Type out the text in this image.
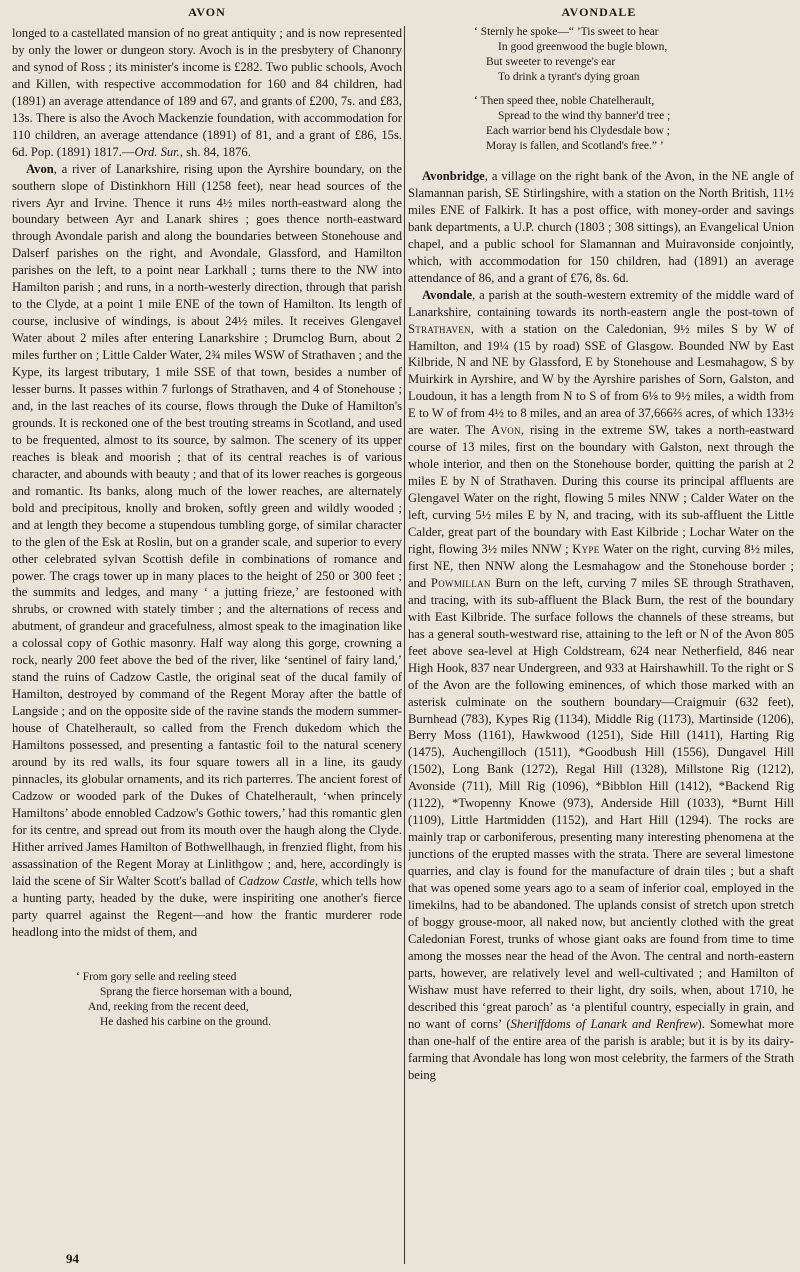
AVON	AVONDALE

longed to a castellated mansion of no great antiquity ; and is now represented by only the lower or dungeon story. Avoch is in the presbytery of Chanonry and synod of Ross ; its minister's income is £282. Two public schools, Avoch and Killen, with respective accommodation for 160 and 84 children, had (1891) an average attendance of 189 and 67, and grants of £200, 7s. and £83, 13s. There is also the Avoch Mackenzie foundation, with accommodation for 110 children, an average attendance (1891) of 81, and a grant of £86, 15s. 6d. Pop. (1891) 1817.—Ord. Sur., sh. 84, 1876.

Avon, a river of Lanarkshire, rising upon the Ayrshire boundary, on the southern slope of Distinkhorn Hill (1258 feet), near head sources of the rivers Ayr and Irvine. Thence it runs 4½ miles north-eastward along the boundary between Ayr and Lanark shires ; goes thence north-eastward through Avondale parish and along the boundaries between Stonehouse and Dalserf parishes on the right, and Avondale, Glassford, and Hamilton parishes on the left, to a point near Larkhall ; turns there to the NW into Hamilton parish ; and runs, in a north-westerly direction, through that parish to the Clyde, at a point 1 mile ENE of the town of Hamilton. Its length of course, inclusive of windings, is about 24½ miles. It receives Glengavel Water about 2 miles after entering Lanarkshire ; Drumclog Burn, about 2 miles further on ; Little Calder Water, 2¾ miles WSW of Strathaven ; and the Kype, its largest tributary, 1 mile SSE of that town, besides a number of lesser burns. It passes within 7 furlongs of Strathaven, and 4 of Stonehouse ; and, in the last reaches of its course, flows through the Duke of Hamilton's grounds. It is reckoned one of the best trouting streams in Scotland, and used to be frequented, almost to its source, by salmon. The scenery of its upper reaches is bleak and moorish ; that of its central reaches is of various character, and abounds with beauty ; and that of its lower reaches is gorgeous and romantic. Its banks, along much of the lower reaches, are alternately bold and precipitous, knolly and broken, softly green and wildly wooded ; and at length they become a stupendous tumbling gorge, of similar character to the glen of the Esk at Roslin, but on a grander scale, and superior to every other celebrated sylvan Scottish defile in combinations of romance and power. The crags tower up in many places to the height of 250 or 300 feet ; the summits and ledges, and many ‘ a jutting frieze,’ are festooned with shrubs, or crowned with stately timber ; and the alternations of recess and abutment, of grandeur and gracefulness, almost speak to the imagination like a colossal copy of Gothic masonry. Half way along this gorge, crowning a rock, nearly 200 feet above the bed of the river, like ‘sentinel of fairy land,’ stand the ruins of Cadzow Castle, the original seat of the ducal family of Hamilton, destroyed by command of the Regent Moray after the battle of Langside ; and on the opposite side of the ravine stands the modern summer-house of Chatelherault, so called from the French dukedom which the Hamiltons possessed, and presenting a fantastic foil to the natural scenery around by its red walls, its four square towers all in a line, its gaudy pinnacles, its globular ornaments, and its rich parterres. The ancient forest of Cadzow or wooded park of the Dukes of Chatelherault, ‘when princely Hamiltons’ abode ennobled Cadzow's Gothic towers,’ had this romantic glen for its centre, and spread out from its mouth over the haugh along the Clyde. Hither arrived James Hamilton of Bothwellhaugh, in frenzied flight, from his assassination of the Regent Moray at Linlithgow ; and, here, accordingly is laid the scene of Sir Walter Scott's ballad of Cadzow Castle, which tells how a hunting party, headed by the duke, were inspiriting one another's fierce party quarrel against the Regent—and how the frantic murderer rode headlong into the midst of them, and

‘ From gory selle and reeling steed
Sprang the fierce horseman with a bound,
And, reeking from the recent deed,
He dashed his carbine on the ground.
‘ Sternly he spoke—“ ’Tis sweet to hear
In good greenwood the bugle blown,
But sweeter to revenge's ear
To drink a tyrant's dying groan
‘ Then speed thee, noble Chatelherault,
Spread to the wind thy banner'd tree ;
Each warrior bend his Clydesdale bow ;
Moray is fallen, and Scotland's free.” ’

Avonbridge, a village on the right bank of the Avon, in the NE angle of Slamannan parish, SE Stirlingshire, with a station on the North British, 11½ miles ENE of Falkirk. It has a post office, with money-order and savings bank departments, a U.P. church (1803 ; 308 sittings), an Evangelical Union chapel, and a public school for Slamannan and Muiravonside conjointly, which, with accommodation for 150 children, had (1891) an average attendance of 86, and a grant of £76, 8s. 6d.

Avondale, a parish at the south-western extremity of the middle ward of Lanarkshire, containing towards its north-eastern angle the post-town of Strathaven, with a station on the Caledonian, 9½ miles S by W of Hamilton, and 19¼ (15 by road) SSE of Glasgow. Bounded NW by East Kilbride, N and NE by Glassford, E by Stonehouse and Lesmahagow, S by Muirkirk in Ayrshire, and W by the Ayrshire parishes of Sorn, Galston, and Loudoun, it has a length from N to S of from 6⅛ to 9½ miles, a width from E to W of from 4½ to 8 miles, and an area of 37,666⅔ acres, of which 133½ are water. The Avon, rising in the extreme SW, takes a north-eastward course of 13 miles, first on the boundary with Galston, next through the whole interior, and then on the Stonehouse border, quitting the parish at 2 miles E by N of Strathaven. During this course its principal affluents are Glengavel Water on the right, flowing 5 miles NNW ; Calder Water on the left, curving 5½ miles E by N, and tracing, with its sub-affluent the Little Calder, great part of the boundary with East Kilbride ; Lochar Water on the right, flowing 3½ miles NNW ; Kype Water on the right, curving 8½ miles, first NE, then NNW along the Lesmahagow and the Stonehouse border ; and Powmillan Burn on the left, curving 7 miles SE through Strathaven, and tracing, with its sub-affluent the Black Burn, the rest of the boundary with East Kilbride. The surface follows the channels of these streams, but has a general south-westward rise, attaining to the left or N of the Avon 805 feet above sea-level at High Coldstream, 624 near Netherfield, 846 near High Hook, 837 near Undergreen, and 933 at Hairshawhill. To the right or S of the Avon are the following eminences, of which those marked with an asterisk culminate on the southern boundary—Craigmuir (632 feet), Burnhead (783), Kypes Rig (1134), Middle Rig (1173), Martinside (1206), Berry Moss (1161), Hawkwood (1251), Side Hill (1411), Harting Rig (1475), Auchengilloch (1511), *Goodbush Hill (1556), Dungavel Hill (1502), Long Bank (1272), Regal Hill (1328), Millstone Rig (1212), Avonside (711), Mill Rig (1096), *Bibblon Hill (1412), *Backend Rig (1122), *Twopenny Knowe (973), Anderside Hill (1033), *Burnt Hill (1109), Little Hartmidden (1152), and Hart Hill (1294). The rocks are mainly trap or carboniferous, presenting many interesting phenomena at the junctions of the erupted masses with the strata. There are several limestone quarries, and clay is found for the manufacture of drain tiles ; but a shaft that was opened some years ago to a seam of inferior coal, employed in the limekilns, had to be abandoned. The uplands consist of stretch upon stretch of boggy grouse-moor, all naked now, but anciently clothed with the great Caledonian Forest, trunks of whose giant oaks are found from time to time among the mosses near the head of the Avon. The central and north-eastern parts, however, are relatively level and well-cultivated ; and Hamilton of Wishaw must have referred to their light, dry soils, when, about 1710, he described this ‘great paroch’ as ‘a plentiful country, especially in grain, and no want of corns’ (Sheriffdoms of Lanark and Renfrew). Somewhat more than one-half of the entire area of the parish is arable; but it is by its dairy-farming that Avondale has long won most celebrity, the farmers of the Strath being

94
